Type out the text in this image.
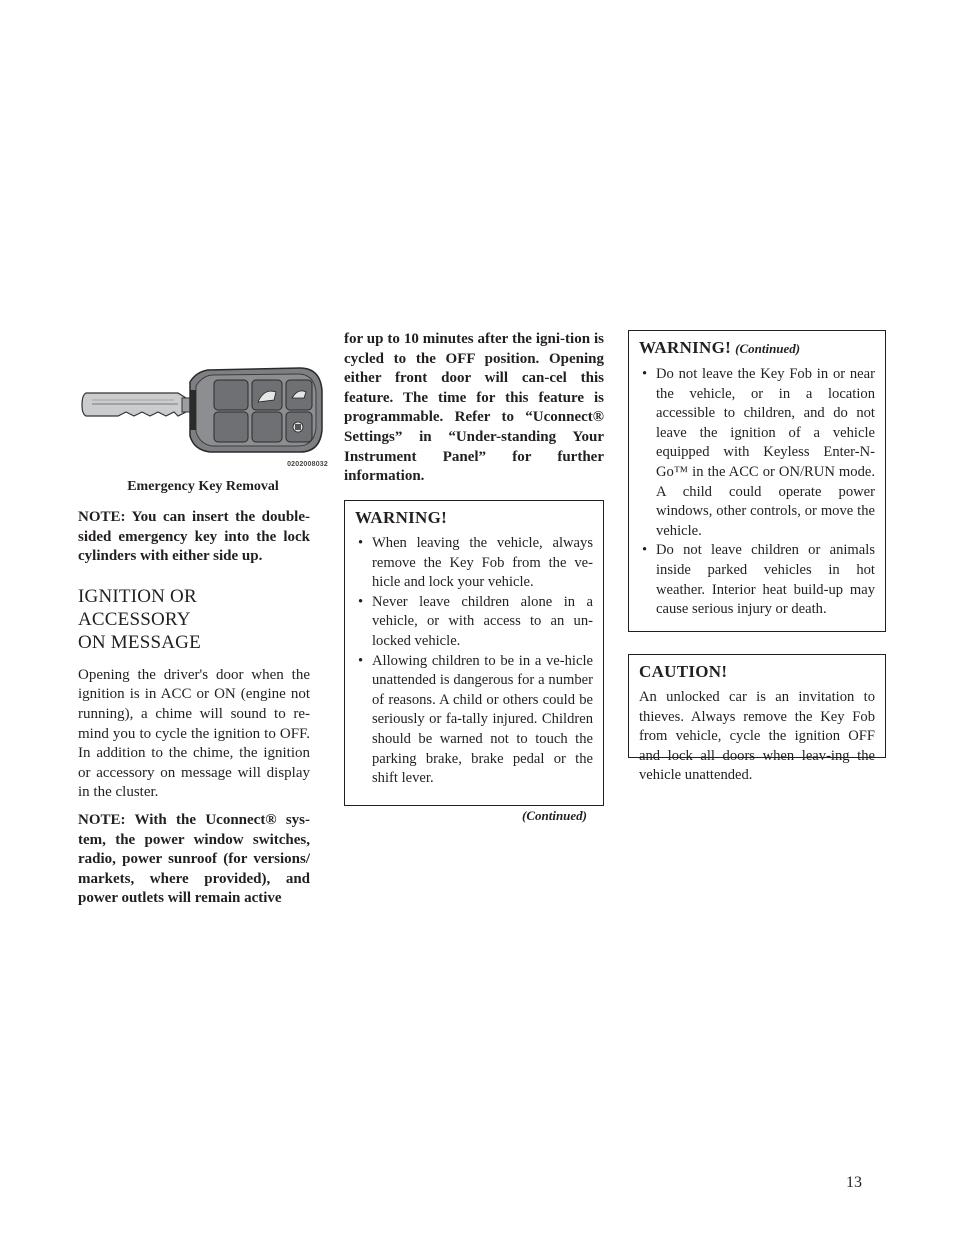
0202008032
Emergency Key Removal

NOTE: You can insert the double-sided emergency key into the lock cylinders with either side up.

IGNITION OR ACCESSORY
ON MESSAGE

Opening the driver's door when the ignition is in ACC or ON (engine not running), a chime will sound to re-mind you to cycle the ignition to OFF. In addition to the chime, the ignition or accessory on message will display in the cluster.

NOTE: With the Uconnect® sys-tem, the power window switches, radio, power sunroof (for versions/ markets, where provided), and power outlets will remain active

for up to 10 minutes after the igni-tion is cycled to the OFF position. Opening either front door will can-cel this feature. The time for this feature is programmable. Refer to “Uconnect® Settings” in “Under-standing Your Instrument Panel” for further information.

WARNING!
• When leaving the vehicle, always remove the Key Fob from the ve-hicle and lock your vehicle.
• Never leave children alone in a vehicle, or with access to an un-locked vehicle.
• Allowing children to be in a ve-hicle unattended is dangerous for a number of reasons. A child or others could be seriously or fa-tally injured. Children should be warned not to touch the parking brake, brake pedal or the shift lever.
(Continued)
WARNING! (Continued)
• Do not leave the Key Fob in or near the vehicle, or in a location accessible to children, and do not leave the ignition of a vehicle equipped with Keyless Enter-N-Go™ in the ACC or ON/RUN mode. A child could operate power windows, other controls, or move the vehicle.
• Do not leave children or animals inside parked vehicles in hot weather. Interior heat build-up may cause serious injury or death.
CAUTION!

An unlocked car is an invitation to thieves. Always remove the Key Fob from vehicle, cycle the ignition OFF and lock all doors when leav-ing the vehicle unattended.

13
